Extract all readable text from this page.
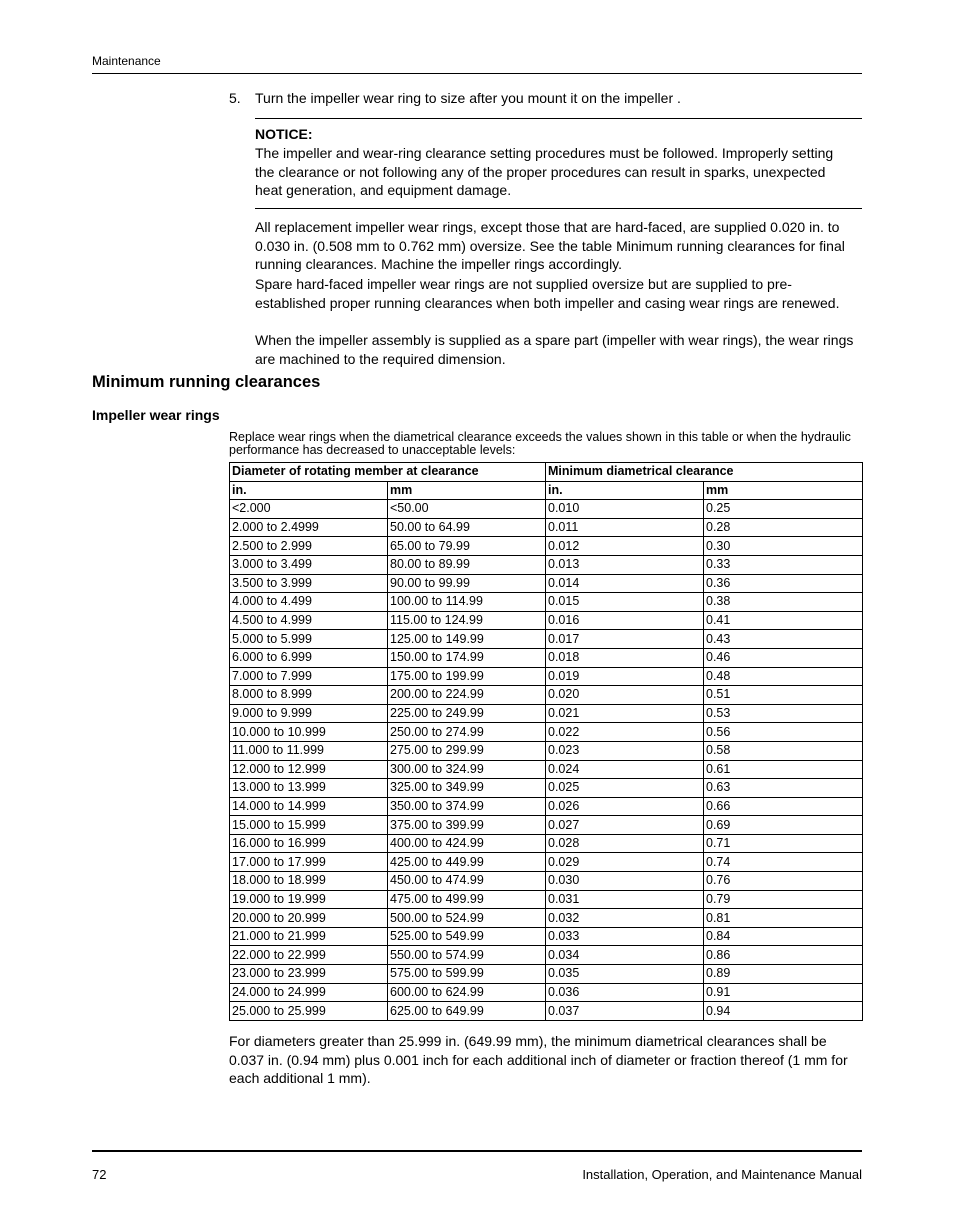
Maintenance
5. Turn the impeller wear ring to size after you mount it on the impeller .
NOTICE:
The impeller and wear-ring clearance setting procedures must be followed. Improperly setting the clearance or not following any of the proper procedures can result in sparks, unexpected heat generation, and equipment damage.
All replacement impeller wear rings, except those that are hard-faced, are supplied 0.020 in. to 0.030 in. (0.508 mm to 0.762 mm) oversize. See the table Minimum running clearances for final running clearances. Machine the impeller rings accordingly.
Spare hard-faced impeller wear rings are not supplied oversize but are supplied to pre-established proper running clearances when both impeller and casing wear rings are renewed.
When the impeller assembly is supplied as a spare part (impeller with wear rings), the wear rings are machined to the required dimension.
Minimum running clearances
Impeller wear rings
Replace wear rings when the diametrical clearance exceeds the values shown in this table or when the hydraulic performance has decreased to unacceptable levels:
Diameter of rotating member at clearance		Minimum diametrical clearance	
in.	mm	in.	mm
<2.000	<50.00	0.010	0.25
2.000 to 2.4999	50.00 to 64.99	0.011	0.28
2.500 to 2.999	65.00 to 79.99	0.012	0.30
3.000 to 3.499	80.00 to 89.99	0.013	0.33
3.500 to 3.999	90.00 to 99.99	0.014	0.36
4.000 to 4.499	100.00 to 114.99	0.015	0.38
4.500 to 4.999	115.00 to 124.99	0.016	0.41
5.000 to 5.999	125.00 to 149.99	0.017	0.43
6.000 to 6.999	150.00 to 174.99	0.018	0.46
7.000 to 7.999	175.00 to 199.99	0.019	0.48
8.000 to 8.999	200.00 to 224.99	0.020	0.51
9.000 to 9.999	225.00 to 249.99	0.021	0.53
10.000 to 10.999	250.00 to 274.99	0.022	0.56
11.000 to 11.999	275.00 to 299.99	0.023	0.58
12.000 to 12.999	300.00 to 324.99	0.024	0.61
13.000 to 13.999	325.00 to 349.99	0.025	0.63
14.000 to 14.999	350.00 to 374.99	0.026	0.66
15.000 to 15.999	375.00 to 399.99	0.027	0.69
16.000 to 16.999	400.00 to 424.99	0.028	0.71
17.000 to 17.999	425.00 to 449.99	0.029	0.74
18.000 to 18.999	450.00 to 474.99	0.030	0.76
19.000 to 19.999	475.00 to 499.99	0.031	0.79
20.000 to 20.999	500.00 to 524.99	0.032	0.81
21.000 to 21.999	525.00 to 549.99	0.033	0.84
22.000 to 22.999	550.00 to 574.99	0.034	0.86
23.000 to 23.999	575.00 to 599.99	0.035	0.89
24.000 to 24.999	600.00 to 624.99	0.036	0.91
25.000 to 25.999	625.00 to 649.99	0.037	0.94
For diameters greater than 25.999 in. (649.99 mm), the minimum diametrical clearances shall be 0.037 in. (0.94 mm) plus 0.001 inch for each additional inch of diameter or fraction thereof (1 mm for each additional 1 mm).
72	Installation, Operation, and Maintenance Manual
